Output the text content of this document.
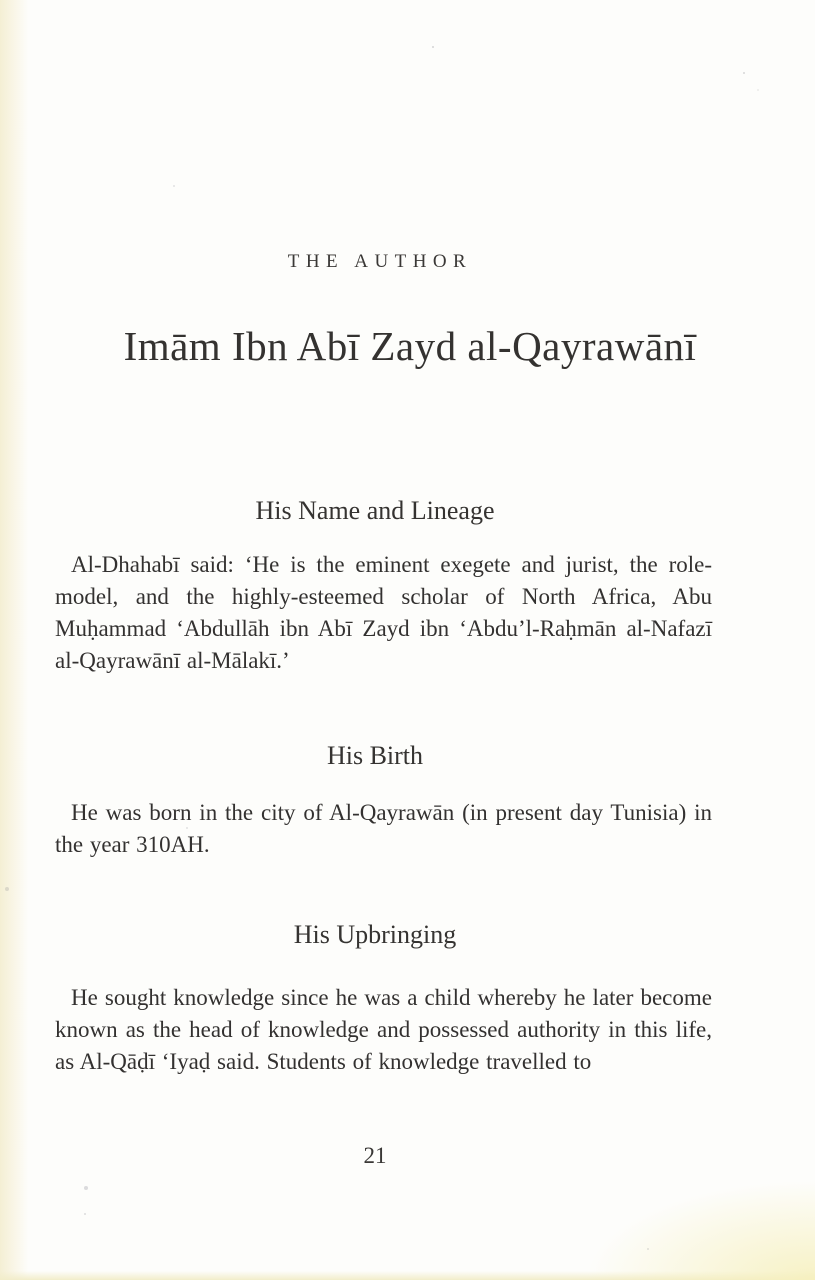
THE AUTHOR
Imām Ibn Abī Zayd al-Qayrawānī
His Name and Lineage

Al-Dhahabī said: ‘He is the eminent exegete and jurist, the role-model, and the highly-esteemed scholar of North Africa, Abu Muḥammad ‘Abdullāh ibn Abī Zayd ibn ‘Abdu’l-Raḥmān al-Nafazī al-Qayrawānī al-Mālakī.’

His Birth

He was born in the city of Al-Qayrawān (in present day Tunisia) in the year 310AH.

His Upbringing

He sought knowledge since he was a child whereby he later become known as the head of knowledge and possessed authority in this life, as Al-Qāḍī ‘Iyaḍ said. Students of knowledge travelled to

21
